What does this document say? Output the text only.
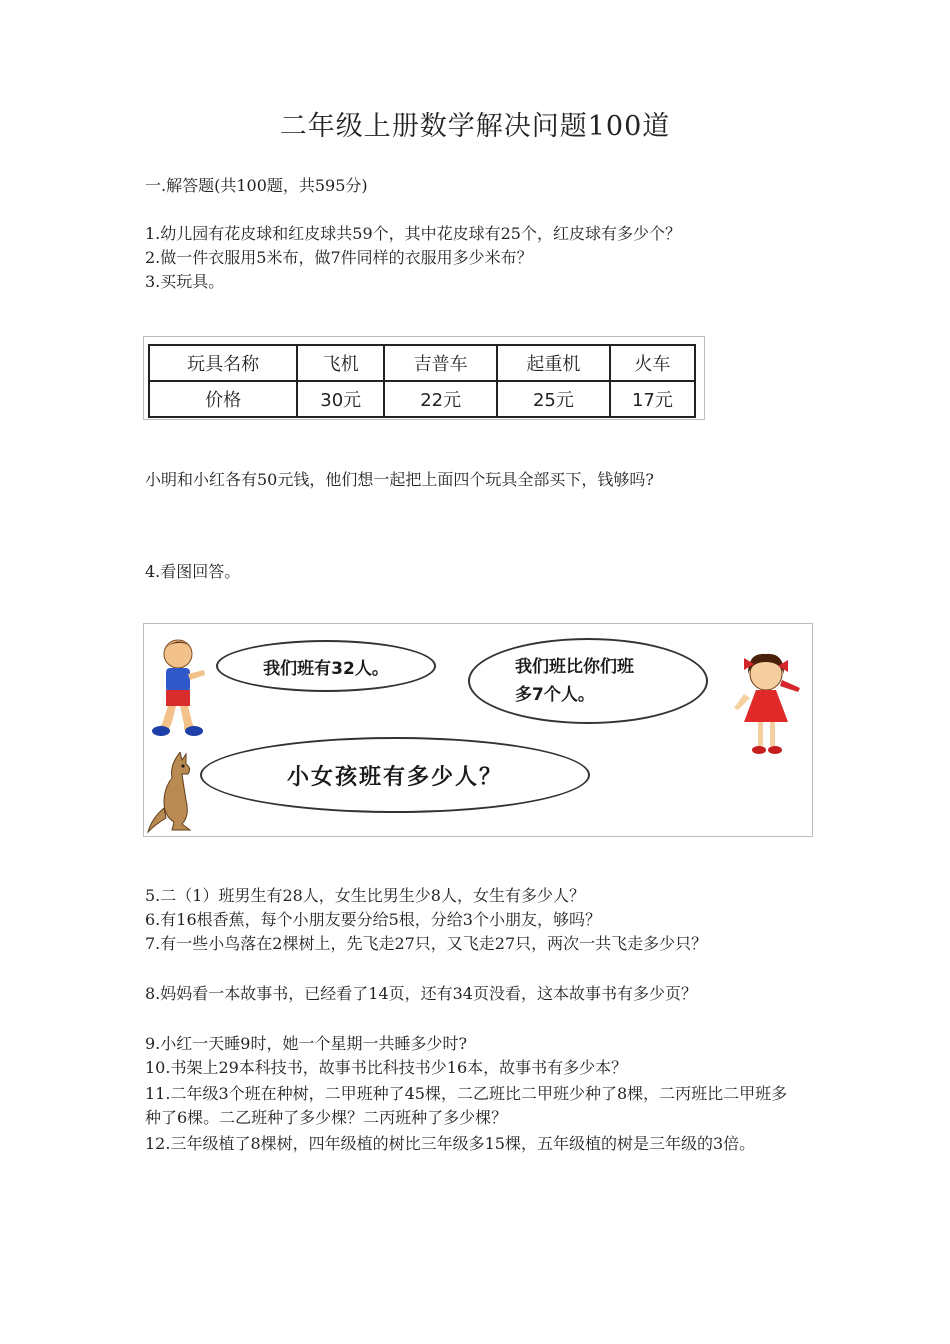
二年级上册数学解决问题100道
一.解答题(共100题，共595分)
1.幼儿园有花皮球和红皮球共59个，其中花皮球有25个，红皮球有多少个？
2.做一件衣服用5米布，做7件同样的衣服用多少米布？
3.买玩具。
玩具名称	飞机	吉普车	起重机	火车
价格	30元	22元	25元	17元
小明和小红各有50元钱，他们想一起把上面四个玩具全部买下，钱够吗?
4.看图回答。
我们班有32人。	我们班比你们班
多7个人。
小女孩班有多少人？
5.二（1）班男生有28人，女生比男生少8人，女生有多少人？
6.有16根香蕉，每个小朋友要分给5根，分给3个小朋友，够吗？
7.有一些小鸟落在2棵树上，先飞走27只，又飞走27只，两次一共飞走多少只？
8.妈妈看一本故事书，已经看了14页，还有34页没看，这本故事书有多少页？
9.小红一天睡9时，她一个星期一共睡多少时?
10.书架上29本科技书，故事书比科技书少16本，故事书有多少本？
11.二年级3个班在种树，二甲班种了45棵，二乙班比二甲班少种了8棵，二丙班比二甲班多种了6棵。二乙班种了多少棵？二丙班种了多少棵？
12.三年级植了8棵树，四年级植的树比三年级多15棵，五年级植的树是三年级的3倍。
